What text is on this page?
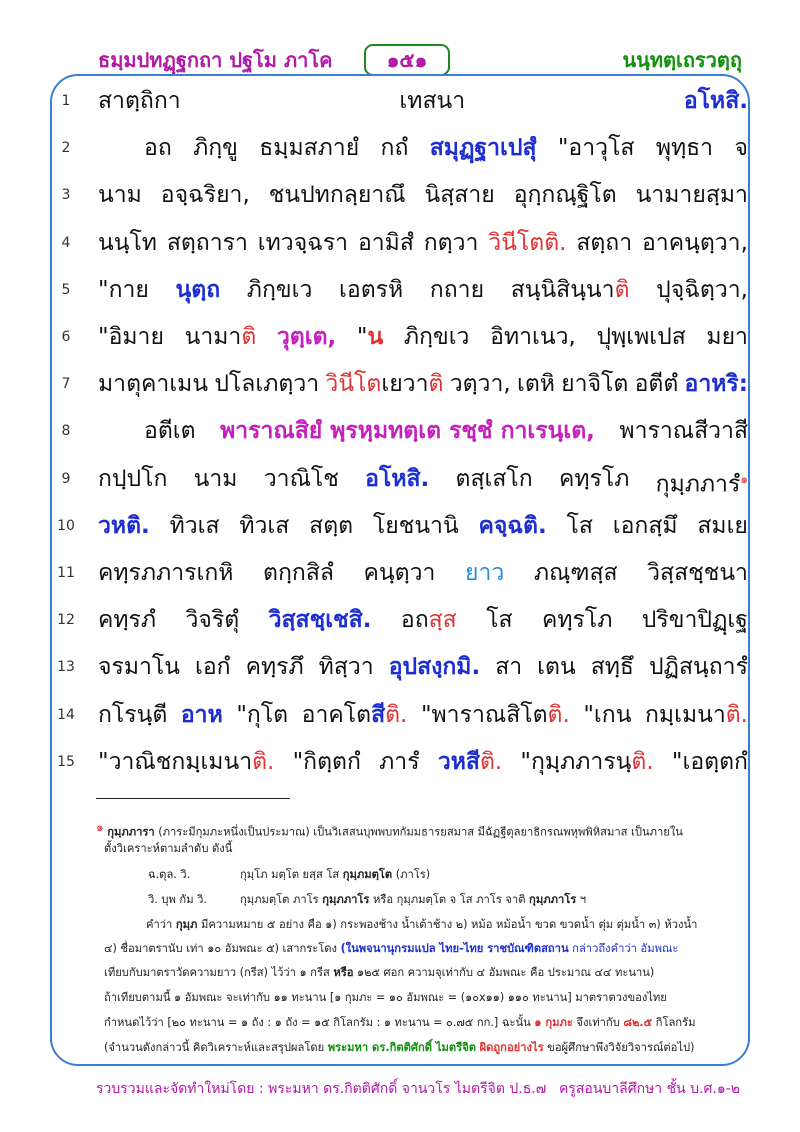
ธมฺมปทฏฺฐกถา ปฐโม ภาโค	๑๕๑	นนฺทตฺเถรวตฺถุ
1	สาตฺถิกา	เทสนา	อโหสิ.
2	อถ ภิกฺขู ธมฺมสภายํ กถํ สมุฏฺฐาเปสุํ "อาวุโส พุทฺธา จ
3	นาม อจฺฉริยา, ชนปทกลฺยาณึ นิสฺสาย อุกฺกณฺฐิโต นามายสฺมา
4	นนฺโท สตฺถารา เทวจฺฉรา อามิสํ กตฺวา วินีโตติ. สตฺถา อาคนฺตฺวา,
5	"กาย นุตฺถ ภิกฺขเว เอตรหิ กถาย สนฺนิสินฺนาติ ปุจฺฉิตฺวา,
6	"อิมาย นามาติ วุตฺเต, "น ภิกฺขเว อิทาเนว, ปุพฺเพเปส มยา
7	มาตุคาเมน ปโลเภตฺวา วินีโตเยวาติ วตฺวา, เตหิ ยาจิโต อตีตํ อาหริ:
8	อตีเต พาราณสิยํ พฺรหฺมทตฺเต รชฺชํ กาเรนฺเต, พาราณสีวาสี
9	กปฺปโก นาม วาณิโช อโหสิ. ตสฺเสโก คทฺรโภ กุมฺภภารํ$^๑$
10	วหติ. ทิวเส ทิวเส สตฺต โยชนานิ คจฺฉติ. โส เอกสฺมึ สมเย
11	คทฺรภภารเกหิ ตกฺกสิลํ คนฺตฺวา ยาว ภณฺฑสฺส วิสฺสชฺชนา
12	คทฺรภํ วิจริตุํ วิสฺสชฺเชสิ. อถสฺส โส คทฺรโภ ปริขาปิฏฺเฐ
13	จรมาโน เอกํ คทฺรภึ ทิสฺวา อุปสงฺกมิ. สา เตน สทฺธึ ปฏิสนฺถารํ
14	กโรนฺตี อาห "กุโต อาคโตสีติ. "พาราณสิโตติ. "เกน กมฺเมนาติ.
15	"วาณิชกมฺเมนาติ. "กิตฺตกํ ภารํ วหสีติ. "กุมฺภภารนฺติ. "เอตฺตกํ
$^๑$ กุมฺภภารา (ภาระมีกุมภะหนึ่งเป็นประมาณ) เป็นวิเสสนบุพพบทกัมมธารยสมาส มีฉัฏฐีตุลยาธิกรณพหุพพิหิสมาส เป็นภายใน
ตั้งวิเคราะห์ตามลำดับ ดังนี้
ฉ.ตุล. วิ.	กุมฺโภ มตฺโต ยสฺส โส กุมฺภมตฺโต (ภาโร)
วิ. บุพ กัม วิ.	กุมฺภมตฺโต ภาโร กุมฺภภาโร หรือ กุมฺภมตฺโต จ โส ภาโร จาติ กุมฺภภาโร ฯ
คำว่า กุมฺภ มีความหมาย ๕ อย่าง คือ ๑) กระพองช้าง น้ำเต้าช้าง ๒) หม้อ หม้อน้ำ ขวด ขวดน้ำ ตุ่ม ตุ่มน้ำ ๓) ห้วงน้ำ
๔) ชื่อมาตรานับ เท่า ๑๐ อัมพณะ ๕) เสากระโดง (ในพจนานุกรมแปล ไทย-ไทย ราชบัณฑิตสถาน กล่าวถึงคำว่า อัมพณะ
เทียบกับมาตราวัดความยาว (กรีส) ไว้ว่า ๑ กรีส หรือ ๑๒๕ ศอก ความจุเท่ากับ ๔ อัมพณะ คือ ประมาณ ๔๔ ทะนาน)
ถ้าเทียบตามนี้ ๑ อัมพณะ จะเท่ากับ ๑๑ ทะนาน [๑ กุมภะ = ๑๐ อัมพณะ = (๑๐x๑๑) ๑๑๐ ทะนาน] มาตราตวงของไทย
กำหนดไว้ว่า [๒๐ ทะนาน = ๑ ถัง : ๑ ถัง = ๑๕ กิโลกรัม : ๑ ทะนาน = ๐.๗๕ กก.] ฉะนั้น ๑ กุมภะ จึงเท่ากับ ๘๒.๕ กิโลกรัม
(จำนวนดังกล่าวนี้ คิดวิเคราะห์และสรุปผลโดย พระมหา ดร.กิตติศักดิ์ ไมตรีจิต ผิดถูกอย่างไร ขอผู้ศึกษาพึงวิจัยวิจารณ์ต่อไป)
รวบรวมและจัดทำใหม่โดย : พระมหา ดร.กิตติศักดิ์ จานวโร ไมตรีจิต ป.ธ.๗ ครูสอนบาลีศึกษา ชั้น บ.ศ.๑-๒
